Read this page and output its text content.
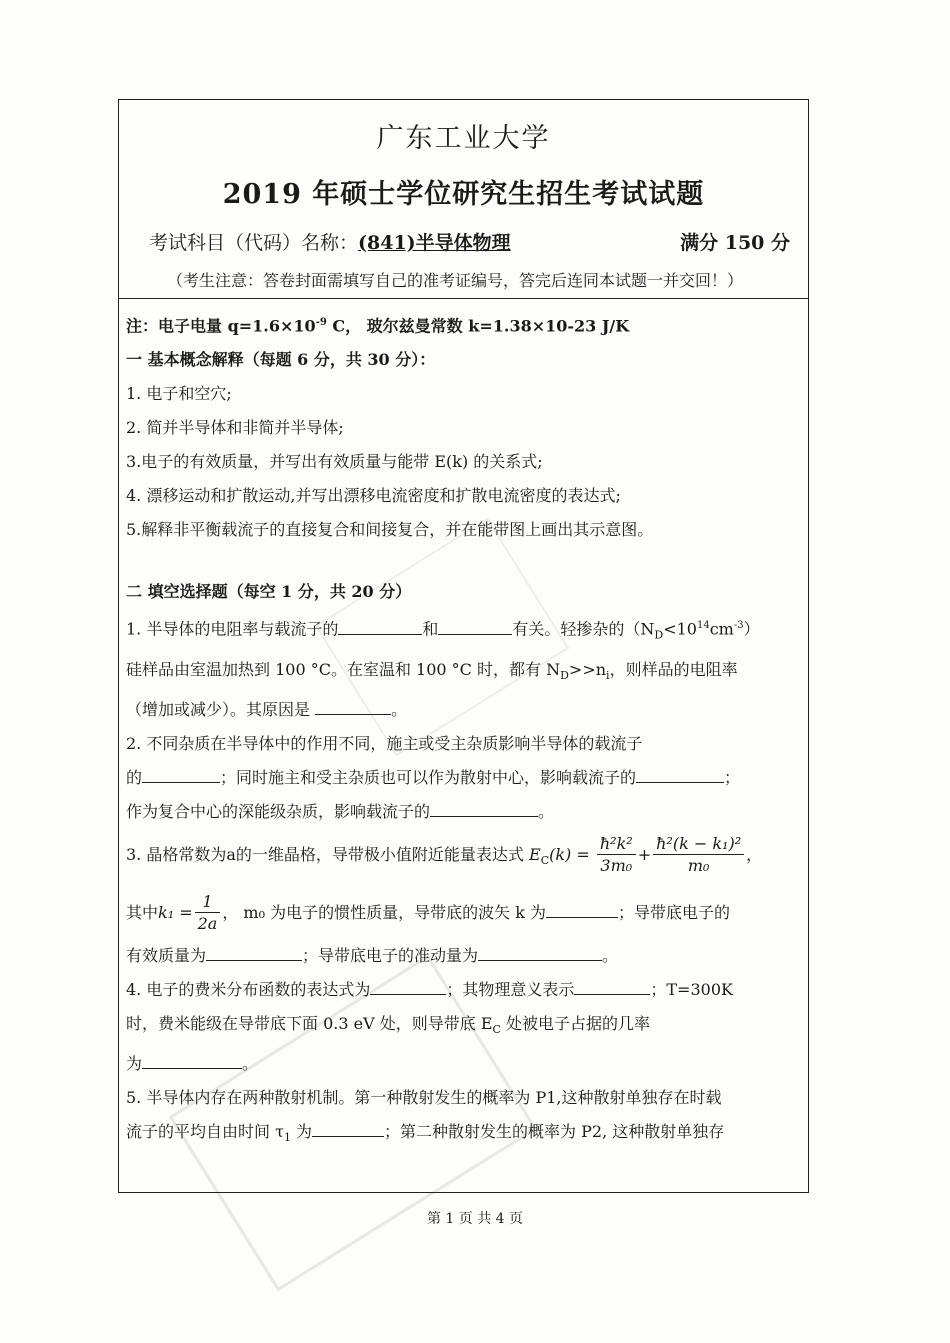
广东工业大学
2019 年硕士学位研究生招生考试试题
考试科目（代码）名称：(841)半导体物理	满分 150 分
（考生注意：答卷封面需填写自己的准考证编号，答完后连同本试题一并交回！）
注：电子电量 $q=1.6\times 10^{-9}$ C， 玻尔兹曼常数 k=1.38×10-23 J/K
一 基本概念解释（每题 6 分，共 30 分）：
1. 电子和空穴;
2. 简并半导体和非简并半导体;
3.电子的有效质量，并写出有效质量与能带 E(k) 的关系式;
4. 漂移运动和扩散运动,并写出漂移电流密度和扩散电流密度的表达式;
5.解释非平衡载流子的直接复合和间接复合，并在能带图上画出其示意图。
二 填空选择题（每空 1 分，共 20 分）
1. 半导体的电阻率与载流子的	和	有关。轻掺杂的$(N_D<10^{14}cm^{-3})$
硅样品由室温加热到 100 °C。在室温和 100 °C 时，都有 $N_D>>n_i$，则样品的电阻率
（增加或减少）。其原因是	。
2. 不同杂质在半导体中的作用不同，施主或受主杂质影响半导体的载流子
的	；同时施主和受主杂质也可以作为散射中心，影响载流子的	；
作为复合中心的深能级杂质，影响载流子的	。
3. 晶格常数为a的一维晶格，导带极小值附近能量表达式 $E_C(k) = \frac{\text{ħ²k²}}{\text{3m₀}} + \frac{\text{ħ²(k − k₁)²}}{\text{m₀}}$ ，
其中$k_1 = \frac{1}{2a}$ ， m₀ 为电子的惯性质量，导带底的波矢 k 为	；导带底电子的
有效质量为	；导带底电子的准动量为	。
4. 电子的费米分布函数的表达式为	；其物理意义表示	；T=300K
时，费米能级在导带底下面 0.3 eV 处，则导带底 $E_C$ 处被电子占据的几率
为	。
5. 半导体内存在两种散射机制。第一种散射发生的概率为 P1,这种散射单独存在时载
流子的平均自由时间 $\tau_1$ 为	；第二种散射发生的概率为 P2, 这种散射单独存
第 1 页 共 4 页
